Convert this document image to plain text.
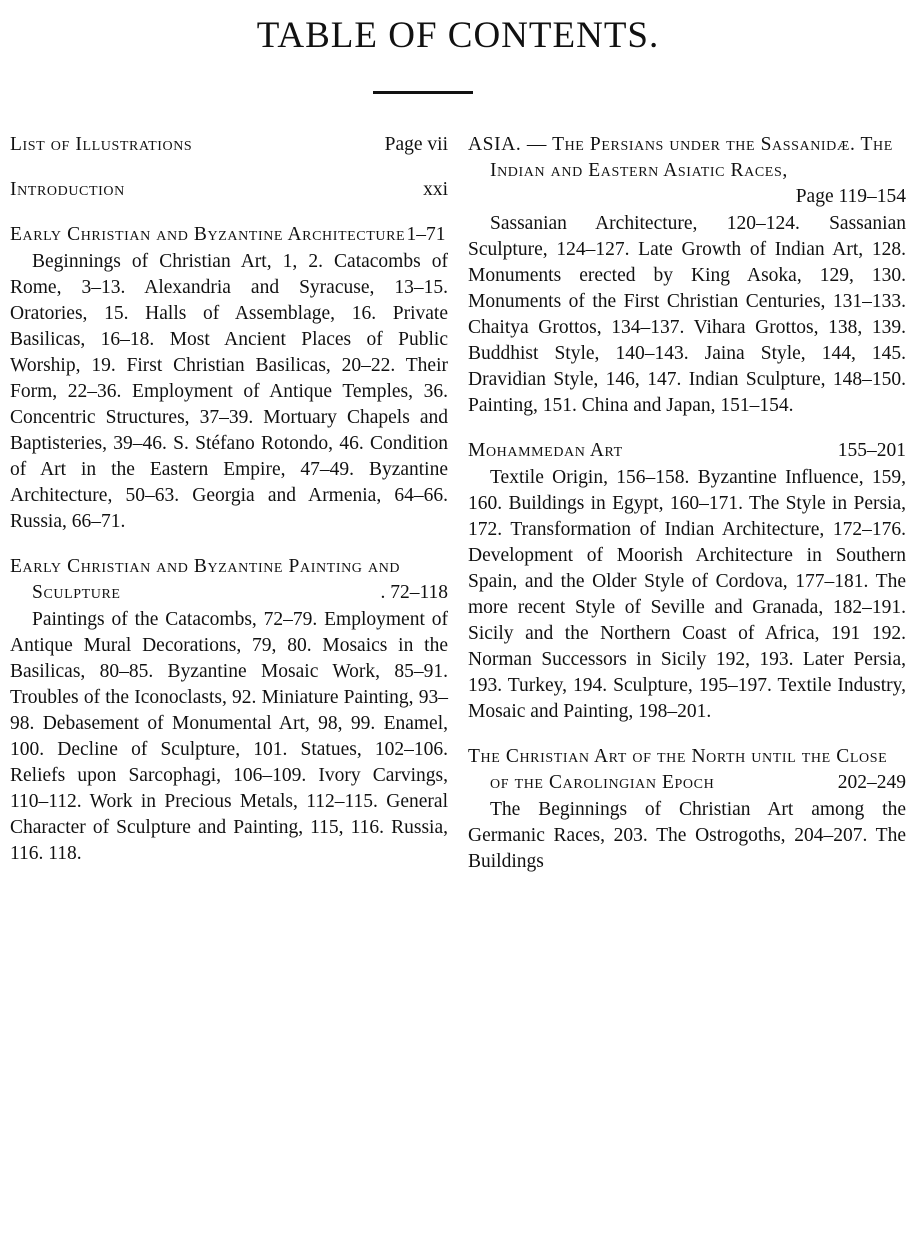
TABLE OF CONTENTS.
List of Illustrations	Page vii
Introduction	xxi
Early Christian and Byzantine Architecture 1–71
Beginnings of Christian Art, 1, 2. Catacombs of Rome, 3–13. Alexandria and Syracuse, 13–15. Oratories, 15. Halls of Assemblage, 16. Private Basilicas, 16–18. Most Ancient Places of Public Worship, 19. First Christian Basilicas, 20–22. Their Form, 22–36. Employment of Antique Temples, 36. Concentric Structures, 37–39. Mortuary Chapels and Baptisteries, 39–46. S. Stéfano Rotondo, 46. Condition of Art in the Eastern Empire, 47–49. Byzantine Architecture, 50–63. Georgia and Armenia, 64–66. Russia, 66–71.
Early Christian and Byzantine Painting and Sculpture	. 72–118
Paintings of the Catacombs, 72–79. Employment of Antique Mural Decorations, 79, 80. Mosaics in the Basilicas, 80–85. Byzantine Mosaic Work, 85–91. Troubles of the Iconoclasts, 92. Miniature Painting, 93–98. Debasement of Monumental Art, 98, 99. Enamel, 100. Decline of Sculpture, 101. Statues, 102–106. Reliefs upon Sarcophagi, 106–109. Ivory Carvings, 110–112. Work in Precious Metals, 112–115. General Character of Sculpture and Painting, 115, 116. Russia, 116. 118.
ASIA. — The Persians under the Sassanidæ. The Indian and Eastern Asiatic Races,
Page 119–154
Sassanian Architecture, 120–124. Sassanian Sculpture, 124–127. Late Growth of Indian Art, 128. Monuments erected by King Asoka, 129, 130. Monuments of the First Christian Centuries, 131–133. Chaitya Grottos, 134–137. Vihara Grottos, 138, 139. Buddhist Style, 140–143. Jaina Style, 144, 145. Dravidian Style, 146, 147. Indian Sculpture, 148–150. Painting, 151. China and Japan, 151–154.
Mohammedan Art	155–201
Textile Origin, 156–158. Byzantine Influence, 159, 160. Buildings in Egypt, 160–171. The Style in Persia, 172. Transformation of Indian Architecture, 172–176. Development of Moorish Architecture in Southern Spain, and the Older Style of Cordova, 177–181. The more recent Style of Seville and Granada, 182–191. Sicily and the Northern Coast of Africa, 191 192. Norman Successors in Sicily 192, 193. Later Persia, 193. Turkey, 194. Sculpture, 195–197. Textile Industry, Mosaic and Painting, 198–201.
The Christian Art of the North until the Close of the Carolingian Epoch	202–249
The Beginnings of Christian Art among the Germanic Races, 203. The Ostrogoths, 204–207. The Buildings
